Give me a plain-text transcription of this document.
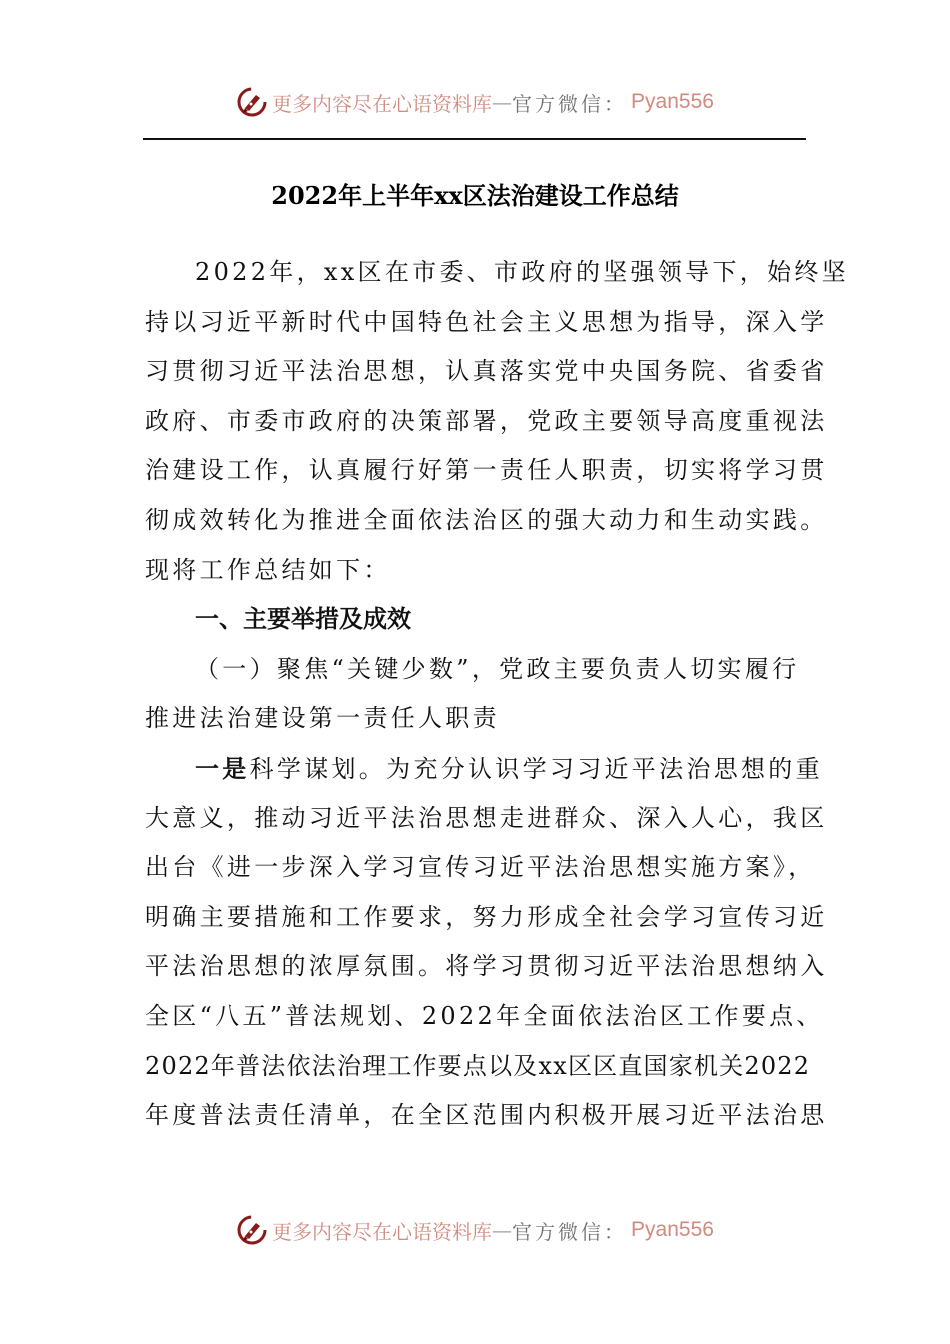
更多内容尽在心语资料库 — 官方微信： Pyan556
2022年上半年xx区法治建设工作总结
2022年，xx区在市委、市政府的坚强领导下，始终坚
持以习近平新时代中国特色社会主义思想为指导，深入学
习贯彻习近平法治思想，认真落实党中央国务院、省委省
政府、市委市政府的决策部署，党政主要领导高度重视法
治建设工作，认真履行好第一责任人职责，切实将学习贯
彻成效转化为推进全面依法治区的强大动力和生动实践。
现将工作总结如下：
一、主要举措及成效
（一）聚焦“关键少数”，党政主要负责人切实履行
推进法治建设第一责任人职责
一是科学谋划。为充分认识学习习近平法治思想的重
大意义，推动习近平法治思想走进群众、深入人心，我区
出台《进一步深入学习宣传习近平法治思想实施方案》，
明确主要措施和工作要求，努力形成全社会学习宣传习近
平法治思想的浓厚氛围。将学习贯彻习近平法治思想纳入
全区“八五”普法规划、2022年全面依法治区工作要点、
2022年普法依法治理工作要点以及xx区区直国家机关2022
年度普法责任清单，在全区范围内积极开展习近平法治思
更多内容尽在心语资料库 — 官方微信： Pyan556
